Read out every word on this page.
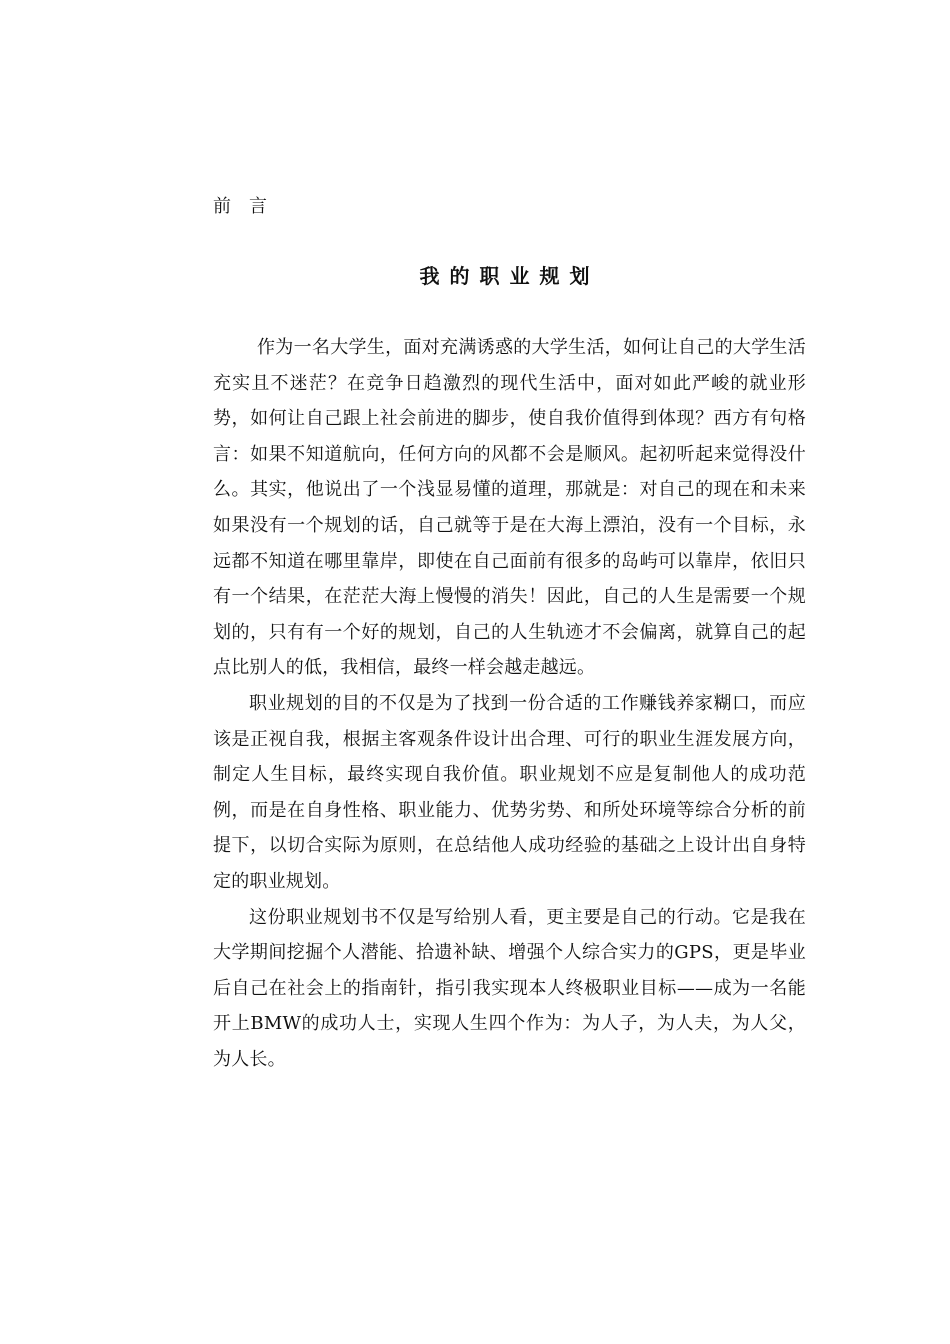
前　言
我的职业规划

作为一名大学生，面对充满诱惑的大学生活，如何让自己的大学生活充实且不迷茫？在竞争日趋激烈的现代生活中，面对如此严峻的就业形势，如何让自己跟上社会前进的脚步，使自我价值得到体现？西方有句格言：如果不知道航向，任何方向的风都不会是顺风。起初听起来觉得没什么。其实，他说出了一个浅显易懂的道理，那就是：对自己的现在和未来如果没有一个规划的话，自己就等于是在大海上漂泊，没有一个目标，永远都不知道在哪里靠岸，即使在自己面前有很多的岛屿可以靠岸，依旧只有一个结果，在茫茫大海上慢慢的消失！因此，自己的人生是需要一个规划的，只有有一个好的规划，自己的人生轨迹才不会偏离，就算自己的起点比别人的低，我相信，最终一样会越走越远。

职业规划的目的不仅是为了找到一份合适的工作赚钱养家糊口，而应该是正视自我，根据主客观条件设计出合理、可行的职业生涯发展方向，制定人生目标，最终实现自我价值。职业规划不应是复制他人的成功范例，而是在自身性格、职业能力、优势劣势、和所处环境等综合分析的前提下，以切合实际为原则，在总结他人成功经验的基础之上设计出自身特定的职业规划。

这份职业规划书不仅是写给别人看，更主要是自己的行动。它是我在大学期间挖掘个人潜能、拾遗补缺、增强个人综合实力的GPS，更是毕业后自己在社会上的指南针，指引我实现本人终极职业目标——成为一名能开上BMW的成功人士，实现人生四个作为：为人子，为人夫，为人父，为人长。
